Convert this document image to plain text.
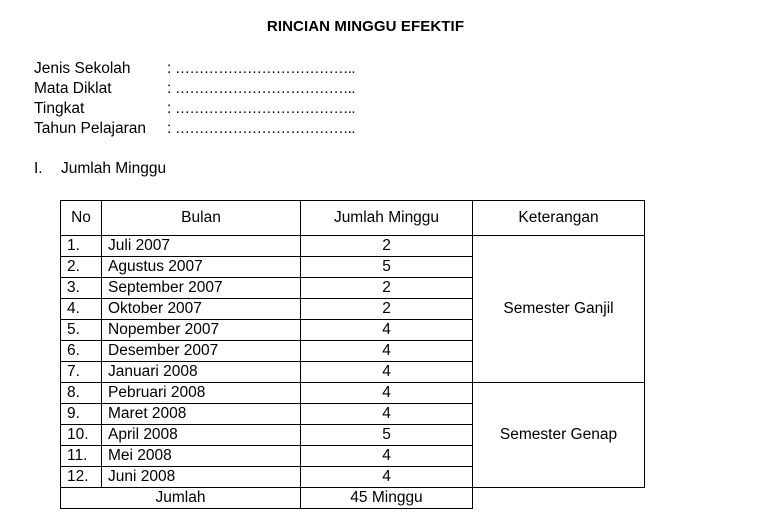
RINCIAN MINGGU EFEKTIF
Jenis Sekolah : ………………………………..
Mata Diklat	: ………………………………..
Tingkat	: ………………………………..
Tahun Pelajaran : ………………………………..
I. Jumlah Minggu
No	Bulan	Jumlah Minggu	Keterangan
1.	Juli 2007	2	Semester Ganjil
2.	Agustus 2007	5	
3.	September 2007	2	
4.	Oktober 2007	2	
5.	Nopember 2007	4	
6.	Desember 2007	4	
7.	Januari 2008	4	
8.	Pebruari 2008	4	Semester Genap
9.	Maret 2008	4	
10.	April 2008	5	
11.	Mei 2008	4	
12.	Juni 2008	4	
Jumlah		45 Minggu	
